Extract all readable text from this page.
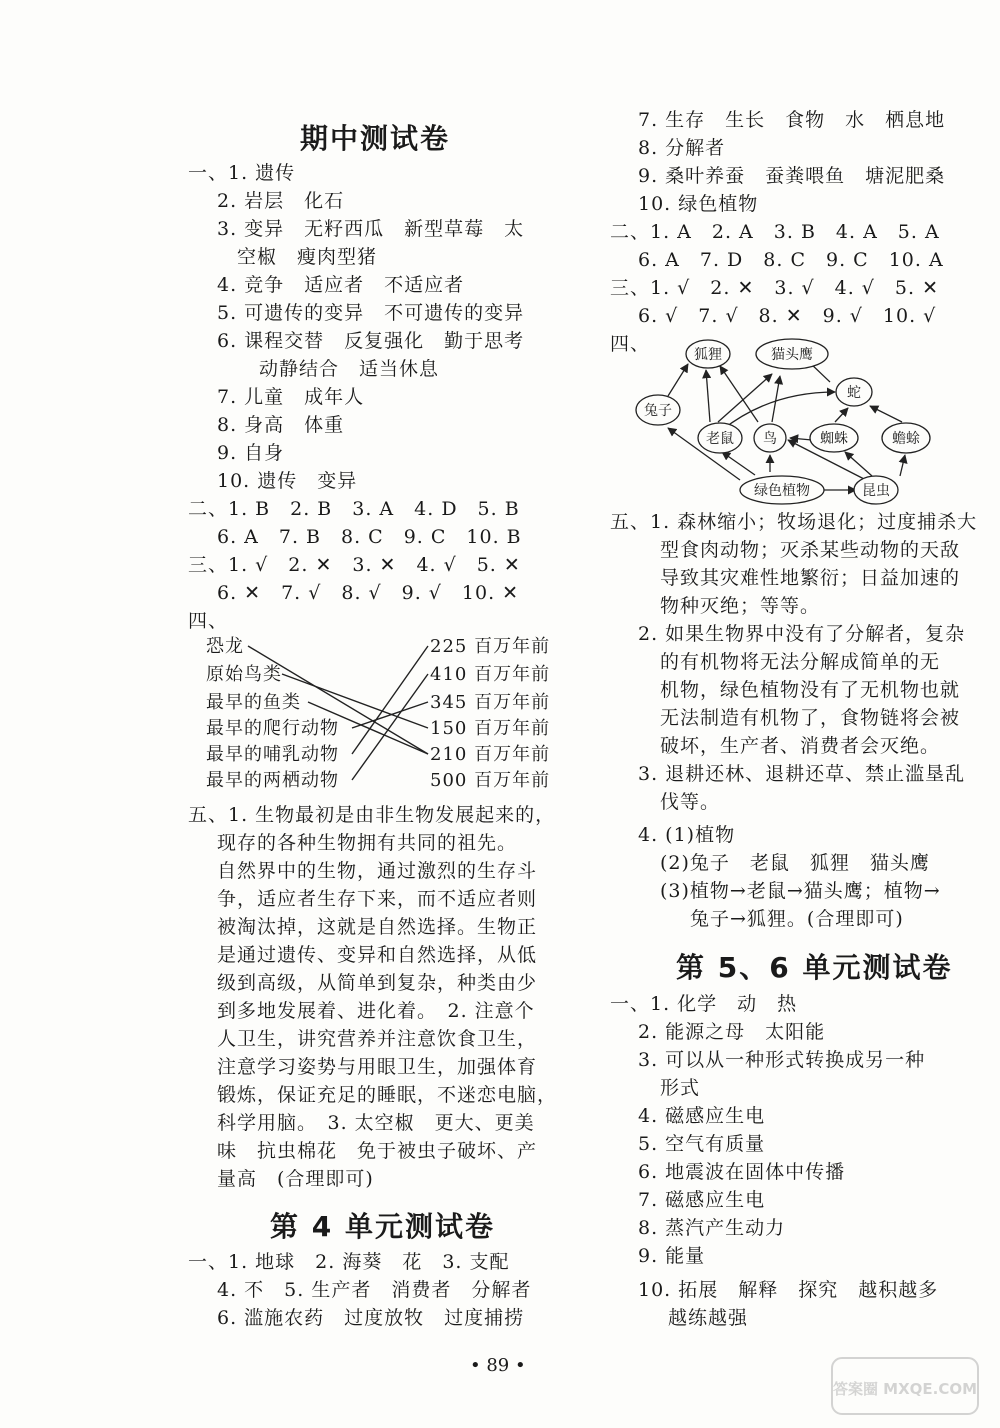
期中测试卷
一、1. 遗传
2. 岩层　化石
3. 变异　无籽西瓜　新型草莓　太
空椒　瘦肉型猪
4. 竞争　适应者　不适应者
5. 可遗传的变异　不可遗传的变异
6. 课程交替　反复强化　勤于思考
动静结合　适当休息
7. 儿童　成年人
8. 身高　体重
9. 自身
10. 遗传　变异
二、1. B　2. B　3. A　4. D　5. B
6. A　7. B　8. C　9. C　10. B
三、1. √　2. ✕　3. ✕　4. √　5. ✕
6. ✕　7. √　8. √　9. √　10. ✕
四、
恐龙
原始鸟类
最早的鱼类
最早的爬行动物
最早的哺乳动物
最早的两栖动物
225 百万年前
410 百万年前
345 百万年前
150 百万年前
210 百万年前
500 百万年前
五、1. 生物最初是由非生物发展起来的，
现存的各种生物拥有共同的祖先。
自然界中的生物，通过激烈的生存斗
争，适应者生存下来，而不适应者则
被淘汰掉，这就是自然选择。生物正
是通过遗传、变异和自然选择，从低
级到高级，从简单到复杂，种类由少
到多地发展着、进化着。　2. 注意个
人卫生，讲究营养并注意饮食卫生，
注意学习姿势与用眼卫生，加强体育
锻炼，保证充足的睡眠，不迷恋电脑，
科学用脑。　3. 太空椒　更大、更美
味　抗虫棉花　免于被虫子破坏、产
量高　(合理即可)
第 4 单元测试卷
一、1. 地球　2. 海葵　花　3. 支配
4. 不　5. 生产者　消费者　分解者
6. 滥施农药　过度放牧　过度捕捞
7. 生存　生长　食物　水　栖息地
8. 分解者
9. 桑叶养蚕　蚕粪喂鱼　塘泥肥桑
10. 绿色植物
二、1. A　2. A　3. B　4. A　5. A
6. A　7. D　8. C　9. C　10. A
三、1. √　2. ✕　3. √　4. √　5. ✕
6. √　7. √　8. ✕　9. √　10. √
四、	狐狸	猫头鹰
蛇
兔子
老鼠 鸟	蜘蛛	蟾蜍
绿色植物	昆虫
五、1. 森林缩小；牧场退化；过度捕杀大
型食肉动物；灭杀某些动物的天敌
导致其灾难性地繁衍；日益加速的
物种灭绝；等等。
2. 如果生物界中没有了分解者，复杂
的有机物将无法分解成简单的无
机物，绿色植物没有了无机物也就
无法制造有机物了，食物链将会被
破坏，生产者、消费者会灭绝。
3. 退耕还林、退耕还草、禁止滥垦乱
伐等。
4. (1)植物
(2)兔子　老鼠　狐狸　猫头鹰
(3)植物→老鼠→猫头鹰；植物→
兔子→狐狸。(合理即可)
第 5、6 单元测试卷
一、1. 化学　动　热
2. 能源之母　太阳能
3. 可以从一种形式转换成另一种
形式
4. 磁感应生电
5. 空气有质量
6. 地震波在固体中传播
7. 磁感应生电
8. 蒸汽产生动力
9. 能量
10. 拓展　解释　探究　越积越多
越练越强
• 89 •
答案圈 MXQE.COM
